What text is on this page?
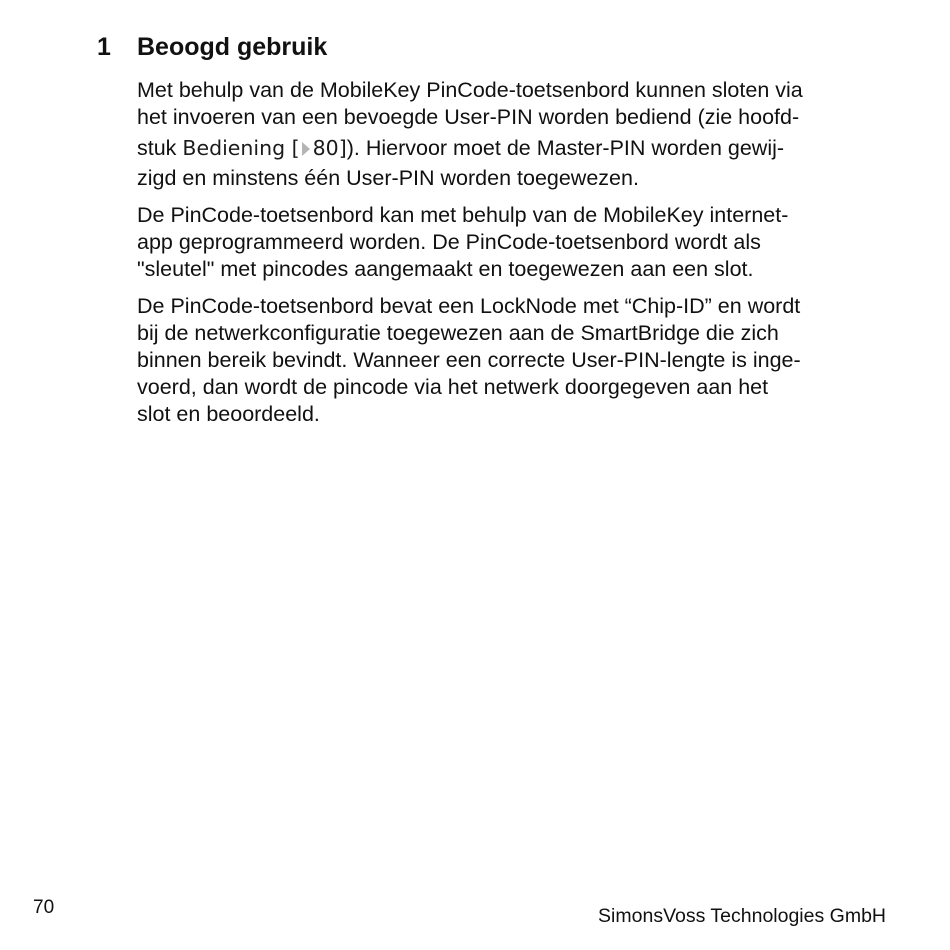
1 Beoogd gebruik
Met behulp van de MobileKey PinCode-toetsenbord kunnen sloten via
het invoeren van een bevoegde User-PIN worden bediend (zie hoofd-
stuk Bediening [ 80]). Hiervoor moet de Master-PIN worden gewij-
zigd en minstens één User-PIN worden toegewezen.
De PinCode-toetsenbord kan met behulp van de MobileKey internet-
app geprogrammeerd worden. De PinCode-toetsenbord wordt als
"sleutel" met pincodes aangemaakt en toegewezen aan een slot.
De PinCode-toetsenbord bevat een LockNode met “Chip-ID” en wordt
bij de netwerkconfiguratie toegewezen aan de SmartBridge die zich
binnen bereik bevindt. Wanneer een correcte User-PIN-lengte is inge-
voerd, dan wordt de pincode via het netwerk doorgegeven aan het
slot en beoordeeld.
70	SimonsVoss Technologies GmbH
